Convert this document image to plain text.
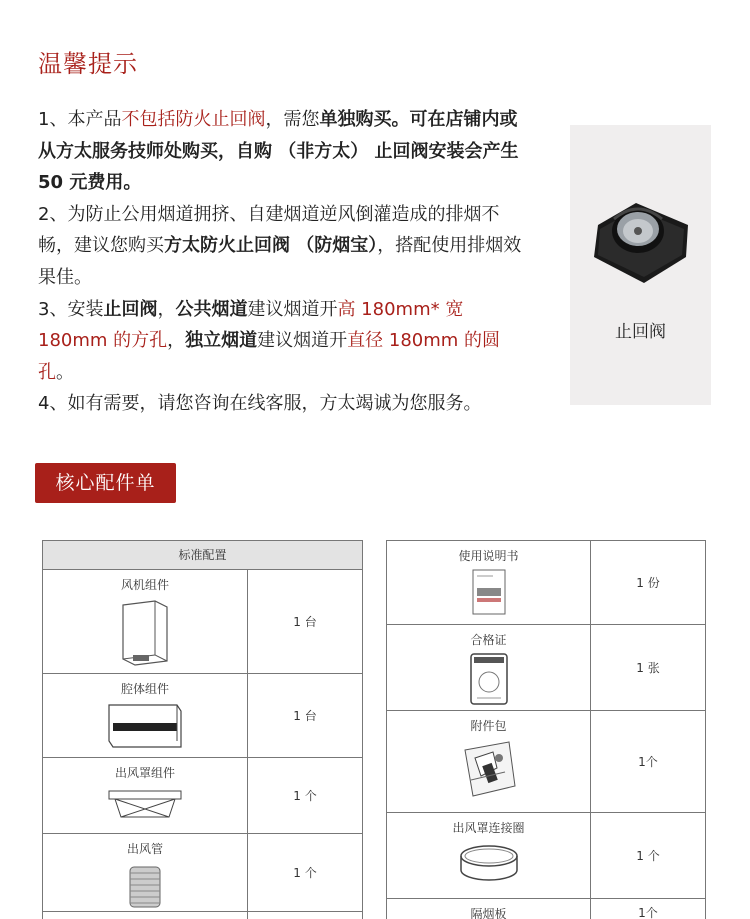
温馨提示
1、本产品不包括防火止回阀，需您单独购买。可在店铺内或从方太服务技师处购买，自购 （非方太） 止回阀安装会产生 50 元费用。
2、为防止公用烟道拥挤、自建烟道逆风倒灌造成的排烟不畅，建议您购买方太防火止回阀 （防烟宝），搭配使用排烟效果佳。
3、安装止回阀，公共烟道建议烟道开高 180mm* 宽 180mm 的方孔，独立烟道建议烟道开直径 180mm 的圆孔。
4、如有需要，请您咨询在线客服，方太竭诚为您服务。
止回阀
核心配件单
标准配置	

风机组件	1 台

腔体组件	1 台

出风罩组件	1 个

出风管	1 个

使用说明书	1 份

合格证	1 张

附件包	1个

出风罩连接圈	1 个

隔烟板	1个
